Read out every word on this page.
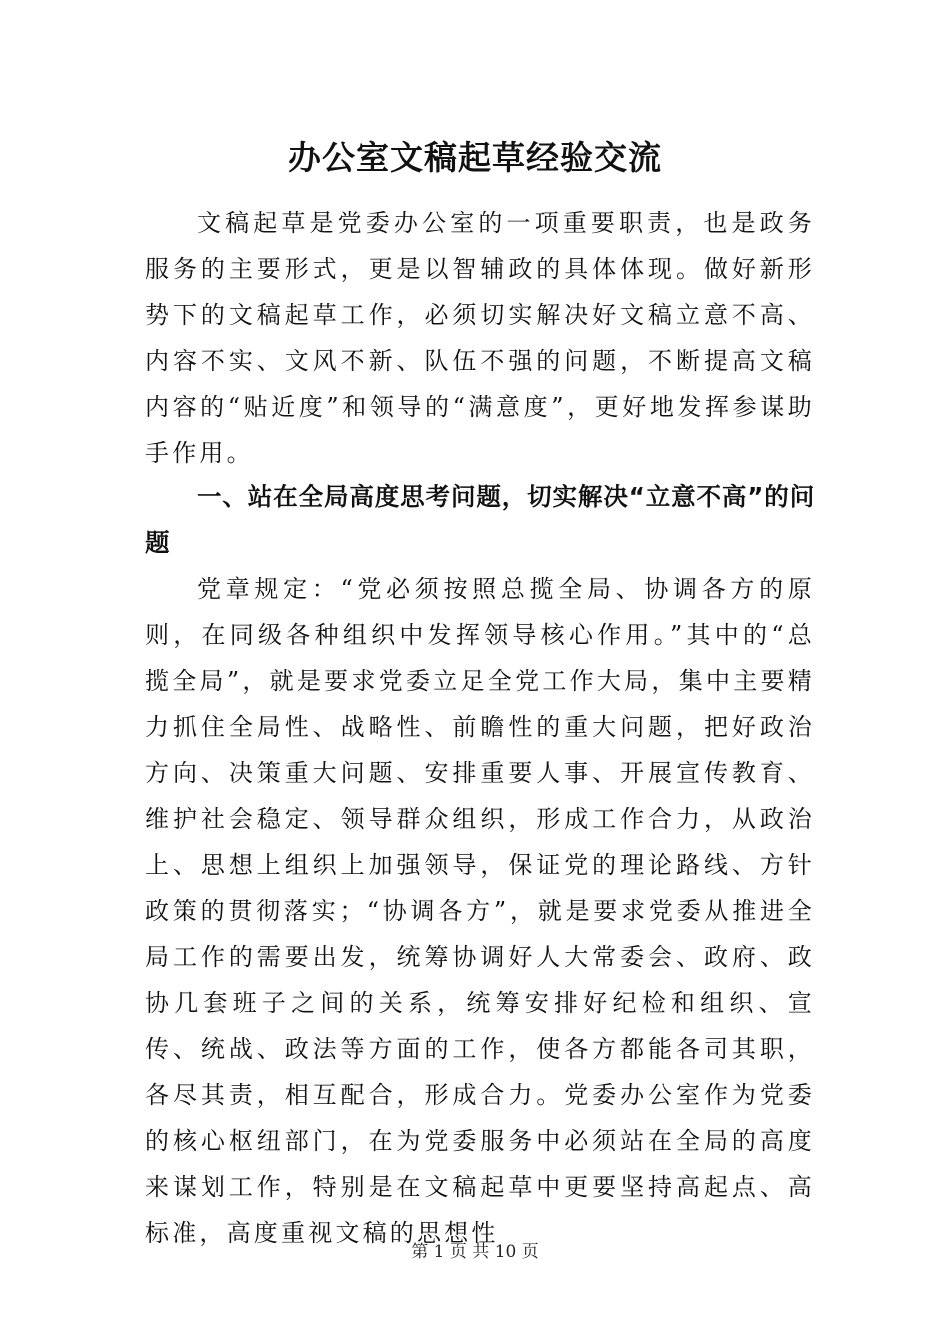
办公室文稿起草经验交流

文稿起草是党委办公室的一项重要职责，也是政务服务的主要形式，更是以智辅政的具体体现。做好新形势下的文稿起草工作，必须切实解决好文稿立意不高、内容不实、文风不新、队伍不强的问题，不断提高文稿内容的“贴近度”和领导的“满意度”，更好地发挥参谋助手作用。

一、站在全局高度思考问题，切实解决“立意不高”的问题

党章规定：“党必须按照总揽全局、协调各方的原则，在同级各种组织中发挥领导核心作用。”其中的“总揽全局”，就是要求党委立足全党工作大局，集中主要精力抓住全局性、战略性、前瞻性的重大问题，把好政治方向、决策重大问题、安排重要人事、开展宣传教育、维护社会稳定、领导群众组织，形成工作合力，从政治上、思想上组织上加强领导，保证党的理论路线、方针政策的贯彻落实；“协调各方”，就是要求党委从推进全局工作的需要出发，统筹协调好人大常委会、政府、政协几套班子之间的关系，统筹安排好纪检和组织、宣传、统战、政法等方面的工作，使各方都能各司其职，各尽其责，相互配合，形成合力。党委办公室作为党委的核心枢纽部门，在为党委服务中必须站在全局的高度来谋划工作，特别是在文稿起草中更要坚持高起点、高标准，高度重视文稿的思想性

第 1 页 共 10 页
